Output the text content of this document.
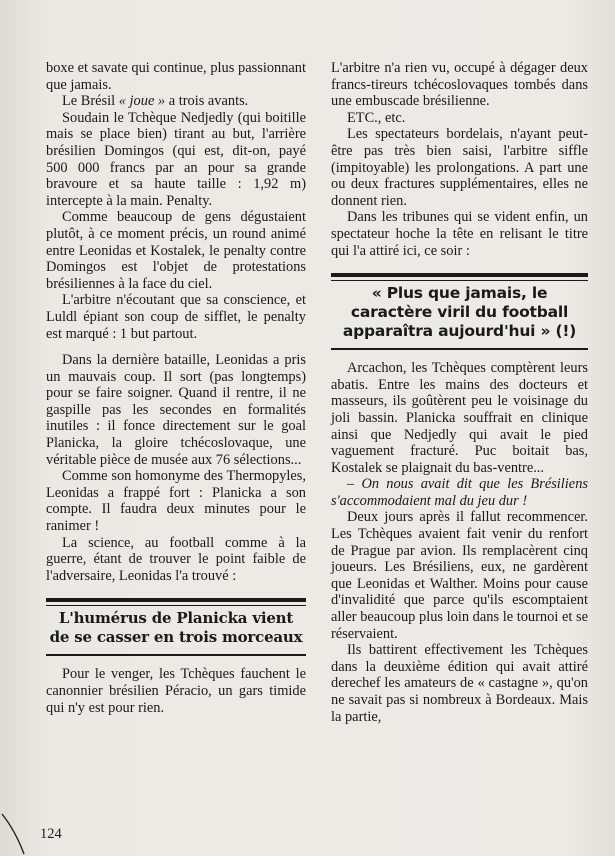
boxe et savate qui continue, plus passionnant que jamais.

Le Brésil « joue » a trois avants.

Soudain le Tchèque Nedjedly (qui boitille mais se place bien) tirant au but, l'arrière brésilien Domingos (qui est, dit-on, payé 500 000 francs par an pour sa grande bravoure et sa haute taille : 1,92 m) intercepte à la main. Penalty.

Comme beaucoup de gens dégustaient plutôt, à ce moment précis, un round animé entre Leonidas et Kostalek, le penalty contre Domingos est l'objet de protestations brésiliennes à la face du ciel.

L'arbitre n'écoutant que sa conscience, et Luldl épiant son coup de sifflet, le penalty est marqué : 1 but partout.

Dans la dernière bataille, Leonidas a pris un mauvais coup. Il sort (pas longtemps) pour se faire soigner. Quand il rentre, il ne gaspille pas les secondes en formalités inutiles : il fonce directement sur le goal Planicka, la gloire tchécoslovaque, une véritable pièce de musée aux 76 sélections...

Comme son homonyme des Thermopyles, Leonidas a frappé fort : Planicka a son compte. Il faudra deux minutes pour le ranimer !

La science, au football comme à la guerre, étant de trouver le point faible de l'adversaire, Leonidas l'a trouvé :

L'humérus de Planicka vient de se casser en trois morceaux

Pour le venger, les Tchèques fauchent le canonnier brésilien Péracio, un gars timide qui n'y est pour rien.

L'arbitre n'a rien vu, occupé à dégager deux francs-tireurs tchécoslovaques tombés dans une embuscade brésilienne.

ETC., etc.

Les spectateurs bordelais, n'ayant peut-être pas très bien saisi, l'arbitre siffle (impitoyable) les prolongations. A part une ou deux fractures supplémentaires, elles ne donnent rien.

Dans les tribunes qui se vident enfin, un spectateur hoche la tête en relisant le titre qui l'a attiré ici, ce soir :

« Plus que jamais, le caractère viril du football apparaîtra aujourd'hui » (!)

Arcachon, les Tchèques comptèrent leurs abatis. Entre les mains des docteurs et masseurs, ils goûtèrent peu le voisinage du joli bassin. Planicka souffrait en clinique ainsi que Nedjedly qui avait le pied vaguement fracturé. Puc boitait bas, Kostalek se plaignait du bas-ventre...

– On nous avait dit que les Brésiliens s'accommodaient mal du jeu dur !

Deux jours après il fallut recommencer. Les Tchèques avaient fait venir du renfort de Prague par avion. Ils remplacèrent cinq joueurs. Les Brésiliens, eux, ne gardèrent que Leonidas et Walther. Moins pour cause d'invalidité que parce qu'ils escomptaient aller beaucoup plus loin dans le tournoi et se réservaient.

Ils battirent effectivement les Tchèques dans la deuxième édition qui avait attiré derechef les amateurs de « castagne », qu'on ne savait pas si nombreux à Bordeaux. Mais la partie,

124
